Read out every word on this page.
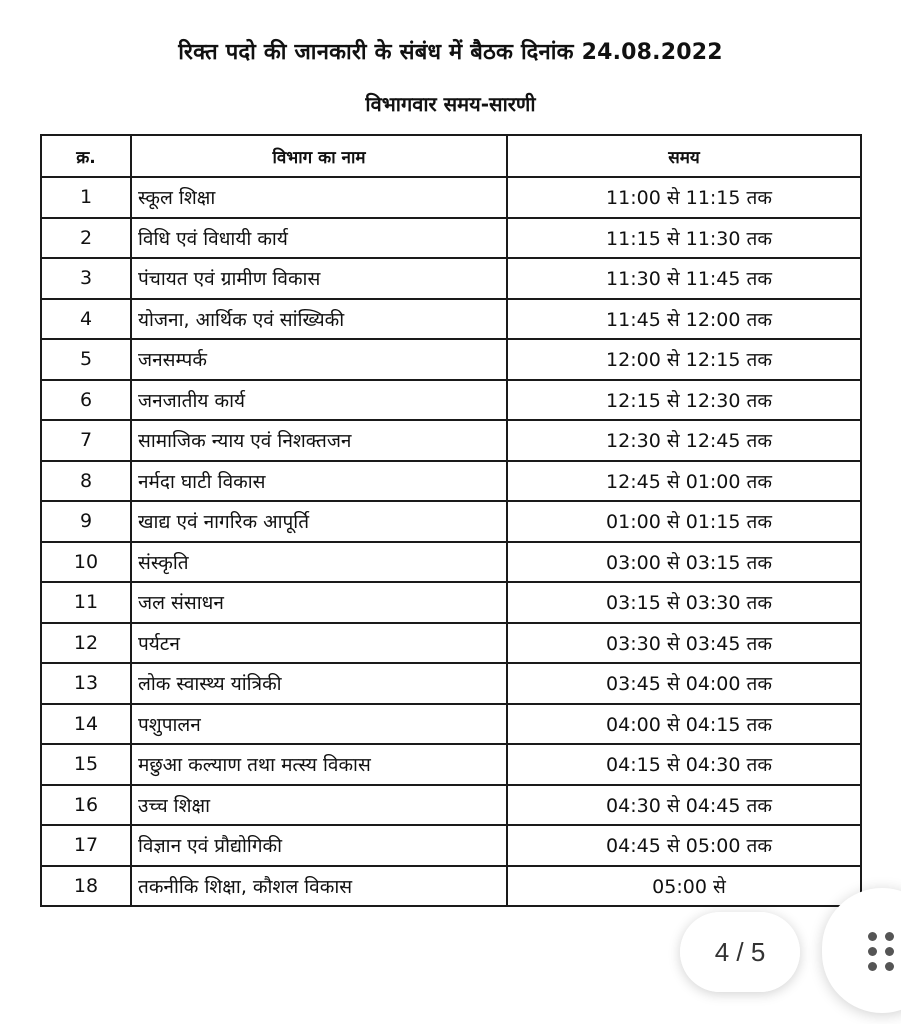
रिक्त पदो की जानकारी के संबंध में बैठक दिनांक 24.08.2022
विभागवार समय-सारणी
क्र.	विभाग का नाम	समय
1	स्कूल शिक्षा	11:00 से 11:15 तक
2	विधि एवं विधायी कार्य	11:15 से 11:30 तक
3	पंचायत एवं ग्रामीण विकास	11:30 से 11:45 तक
4	योजना, आर्थिक एवं सांख्यिकी	11:45 से 12:00 तक
5	जनसम्पर्क	12:00 से 12:15 तक
6	जनजातीय कार्य	12:15 से 12:30 तक
7	सामाजिक न्याय एवं निशक्तजन	12:30 से 12:45 तक
8	नर्मदा घाटी विकास	12:45 से 01:00 तक
9	खाद्य एवं नागरिक आपूर्ति	01:00 से 01:15 तक
10	संस्कृति	03:00 से 03:15 तक
11	जल संसाधन	03:15 से 03:30 तक
12	पर्यटन	03:30 से 03:45 तक
13	लोक स्वास्थ्य यांत्रिकी	03:45 से 04:00 तक
14	पशुपालन	04:00 से 04:15 तक
15	मछुआ कल्याण तथा मत्स्य विकास	04:15 से 04:30 तक
16	उच्च शिक्षा	04:30 से 04:45 तक
17	विज्ञान एवं प्रौद्योगिकी	04:45 से 05:00 तक
18	तकनीकि शिक्षा, कौशल विकास	05:00 से
4 / 5
